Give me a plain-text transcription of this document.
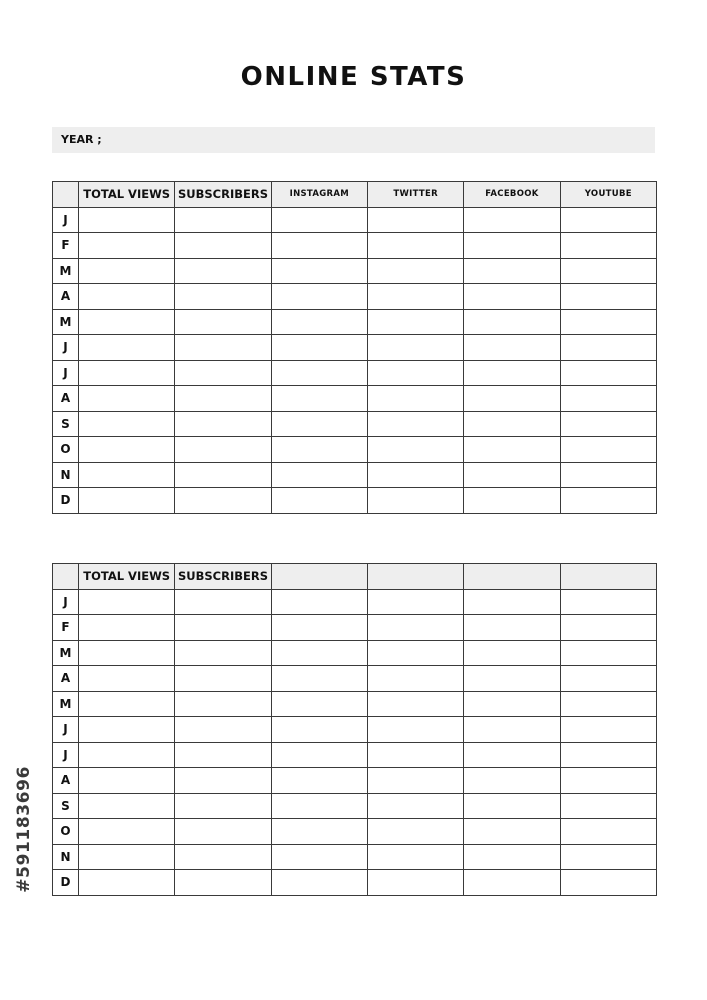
ONLINE STATS
YEAR ;
	TOTAL VIEWS	SUBSCRIBERS	INSTAGRAM	TWITTER	FACEBOOK	YOUTUBE
J						
F						
M						
A						
M						
J						
J						
A						
S						
O						
N						
D						
	TOTAL VIEWS	SUBSCRIBERS				
J						
F						
M						
A						
M						
J						
J						
A						
S						
O						
N						
D						
#591183696
